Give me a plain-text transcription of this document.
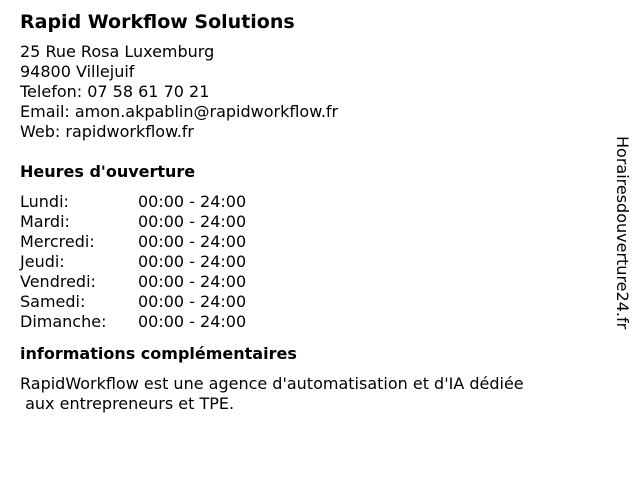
Rapid Workflow Solutions
25 Rue Rosa Luxemburg
94800 Villejuif
Telefon: 07 58 61 70 21
Email: amon.akpablin@rapidworkflow.fr
Web: rapidworkflow.fr
Heures d'ouverture
Lundi:	00:00 - 24:00
Mardi:	00:00 - 24:00
Mercredi:	00:00 - 24:00
Jeudi:	00:00 - 24:00
Vendredi:	00:00 - 24:00
Samedi:	00:00 - 24:00
Dimanche:	00:00 - 24:00
informations complémentaires
RapidWorkflow est une agence d'automatisation et d'IA dédiée
aux entrepreneurs et TPE.
Horairesdouverture24.fr
